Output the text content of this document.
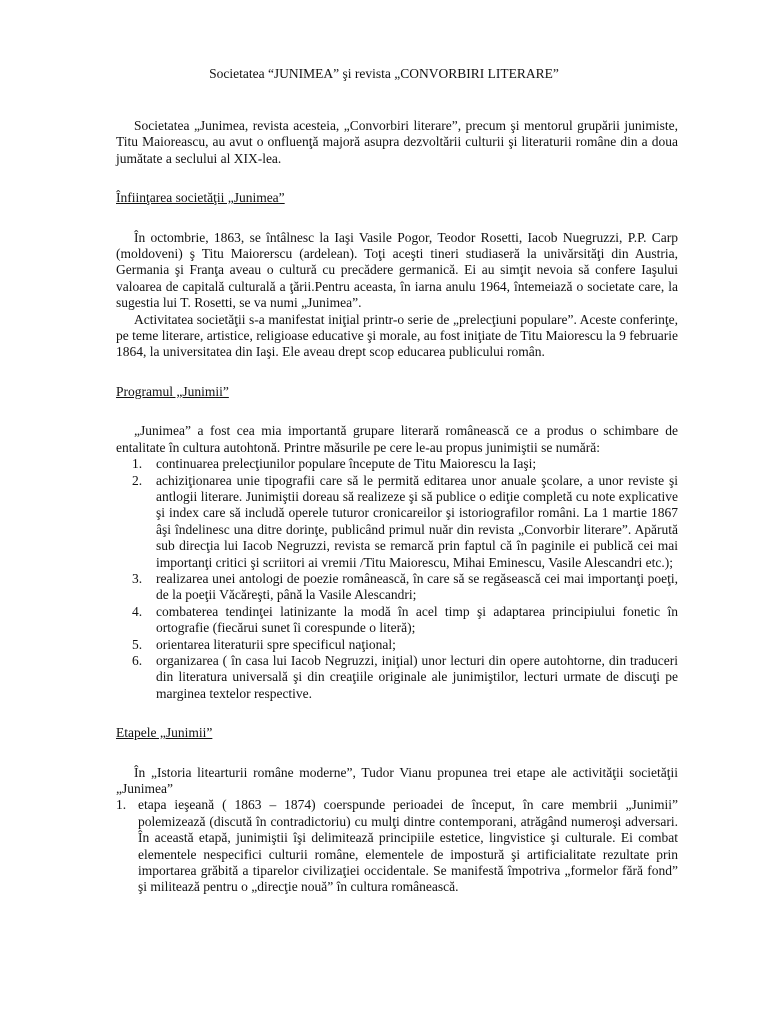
Societatea “JUNIMEA” şi revista „CONVORBIRI LITERARE”

Societatea „Junimea, revista acesteia, „Convorbiri literare”, precum şi mentorul grupării junimiste, Titu Maioreascu, au avut o onfluenţă majoră asupra dezvoltării culturii şi literaturii române din a doua jumătate a seclului al XIX-lea.

Înfiinţarea societăţii „Junimea”

În octombrie, 1863, se întâlnesc la Iaşi Vasile Pogor, Teodor Rosetti, Iacob Nuegruzzi, P.P. Carp (moldoveni) ş Titu Maiorerscu (ardelean). Toţi aceşti tineri studiaseră la univărsităţi din Austria, Germania şi Franţa aveau o cultură cu precădere germanică. Ei au simţit nevoia să confere Iaşului valoarea de capitală culturală a ţării.Pentru aceasta, în iarna anulu 1964, întemeiază o societate care, la sugestia lui T. Rosetti, se va numi „Junimea”.

Activitatea societăţii s-a manifestat iniţial printr-o serie de „prelecţiuni populare”. Aceste conferinţe, pe teme literare, artistice, religioase educative şi morale, au fost iniţiate de Titu Maiorescu la 9 februarie 1864, la universitatea din Iaşi. Ele aveau drept scop educarea publicului român.

Programul „Junimii”

„Junimea” a fost cea mia importantă grupare literară românească ce a produs o schimbare de entalitate în cultura autohtonă. Printre măsurile pe cere le-au propus junimiştii se numără:

1. continuarea prelecţiunilor populare începute de Titu Maiorescu la Iaşi;
2. achiziţionarea unie tipografii care să le permită editarea unor anuale şcolare, a unor reviste şi antlogii literare. Junimiştii doreau să realizeze şi să publice o ediţie completă cu note explicative şi index care să includă operele tuturor cronicareilor şi istoriografilor români. La 1 martie 1867 âşi îndelinesc una ditre dorinţe, publicând primul nuăr din revista „Convorbir literare”. Apărută sub direcţia lui Iacob Negruzzi, revista se remarcă prin faptul că în paginile ei publică cei mai importanţi critici şi scriitori ai vremii /Titu Maiorescu, Mihai Eminescu, Vasile Alescandri etc.);
3. realizarea unei antologi de poezie românească, în care să se regăsească cei mai importanţi poeţi, de la poeţii Văcăreşti, până la Vasile Alescandri;
4. combaterea tendinţei latinizante la modă în acel timp şi adaptarea principiului fonetic în ortografie (fiecărui sunet îi corespunde o literă);
5. orientarea literaturii spre specificul naţional;
6. organizarea ( în casa lui Iacob Negruzzi, iniţial) unor lecturi din opere autohtorne, din traduceri din literatura universală şi din creaţiile originale ale junimiştilor, lecturi urmate de discuţi pe marginea textelor respective.

Etapele „Junimii”

În „Istoria litearturii române moderne”, Tudor Vianu propunea trei etape ale activităţii societăţii „Junimea”

1. etapa ieşeană ( 1863 – 1874) coerspunde perioadei de început, în care membrii „Junimii” polemizează (discută în contradictoriu) cu mulţi dintre contemporani, atrăgând numeroşi adversari. În această etapă, junimiştii îşi delimitează principiile estetice, lingvistice şi culturale. Ei combat elementele nespecifici culturii române, elementele de impostură şi artificialitate rezultate prin importarea grăbită a tiparelor civilizaţiei occidentale. Se manifestă împotriva „formelor fără fond” şi militează pentru o „direcţie nouă” în cultura românească.
